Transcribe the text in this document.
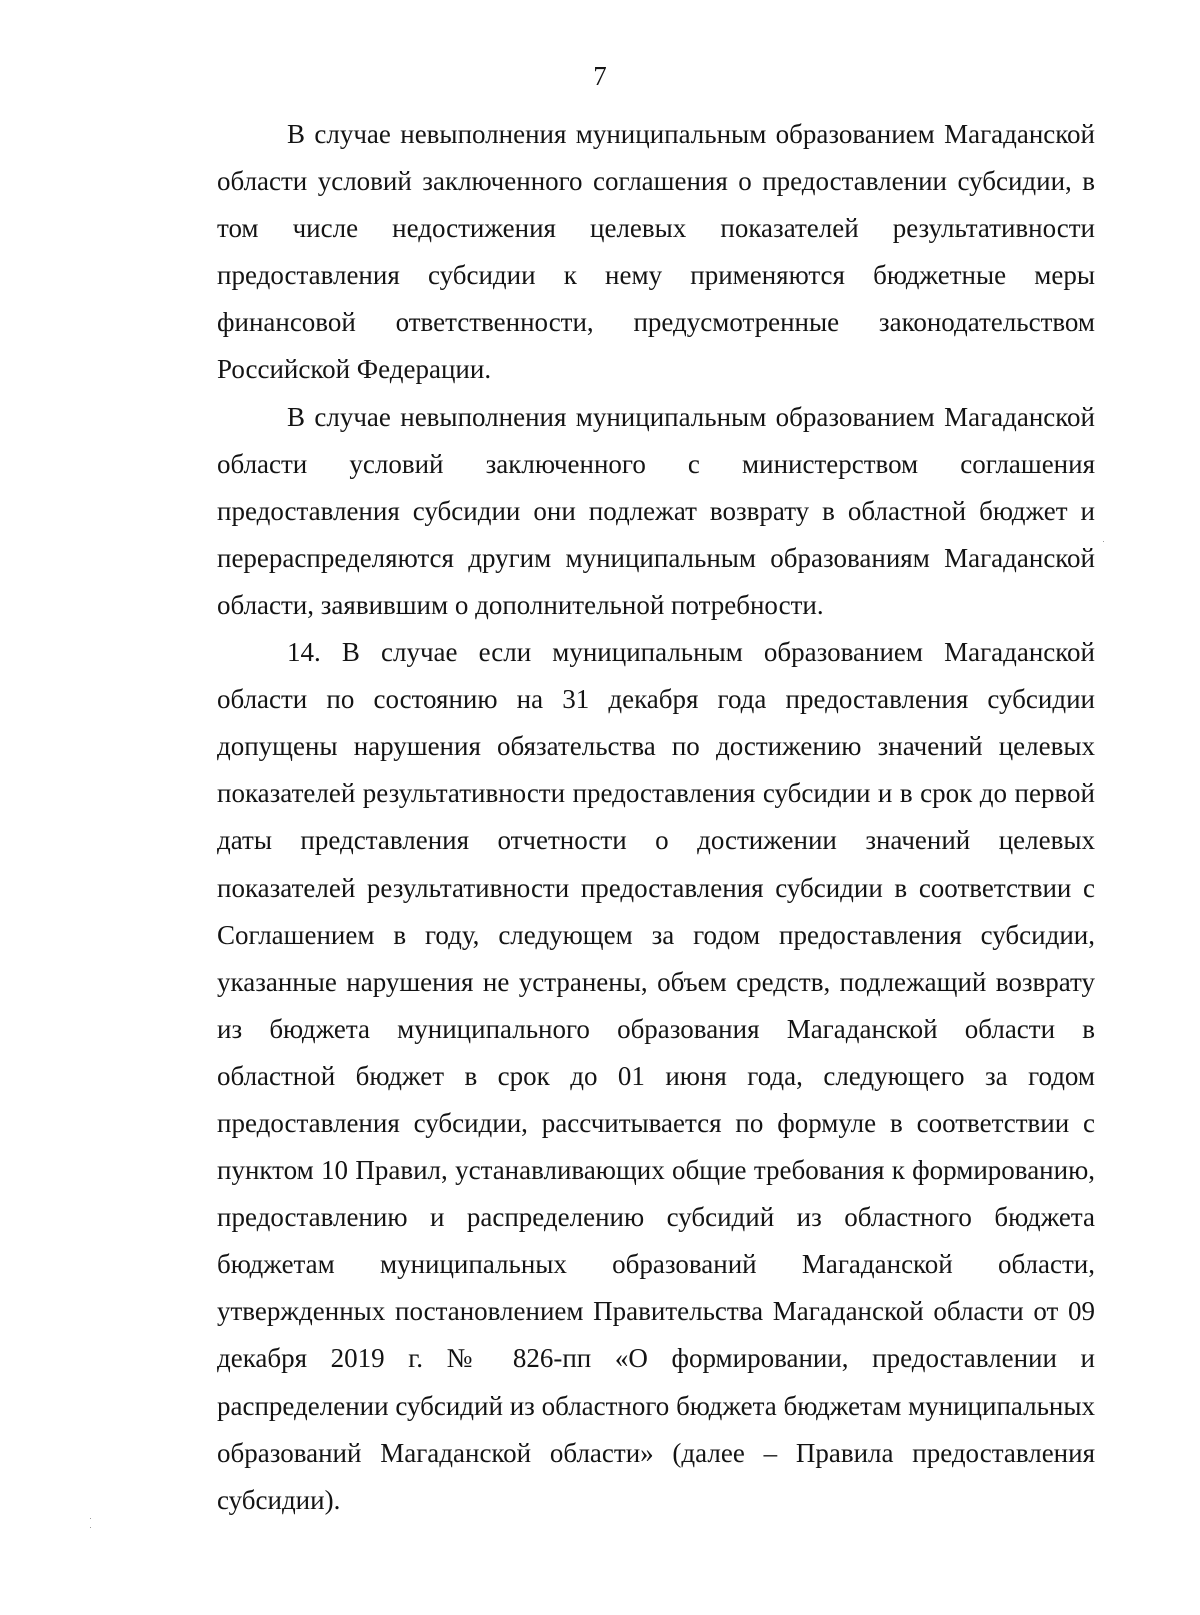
7

В случае невыполнения муниципальным образованием Магаданской области условий заключенного соглашения о предоставлении субсидии, в том числе недостижения целевых показателей результативности предоставления субсидии к нему применяются бюджетные меры финансовой ответственности, предусмотренные законодательством Российской Федерации.

В случае невыполнения муниципальным образованием Магаданской области условий заключенного с министерством соглашения предоставления субсидии они подлежат возврату в областной бюджет и перераспределяются другим муниципальным образованиям Магаданской области, заявившим о дополнительной потребности.

14. В случае если муниципальным образованием Магаданской области по состоянию на 31 декабря года предоставления субсидии допущены нарушения обязательства по достижению значений целевых показателей результативности предоставления субсидии и в срок до первой даты представления отчетности о достижении значений целевых показателей результативности предоставления субсидии в соответствии с Соглашением в году, следующем за годом предоставления субсидии, указанные нарушения не устранены, объем средств, подлежащий возврату из бюджета муниципального образования Магаданской области в областной бюджет в срок до 01 июня года, следующего за годом предоставления субсидии, рассчитывается по формуле в соответствии с пунктом 10 Правил, устанавливающих общие требования к формированию, предоставлению и распределению субсидий из областного бюджета бюджетам муниципальных образований Магаданской области, утвержденных постановлением Правительства Магаданской области от 09 декабря 2019 г. № 826-пп «О формировании, предоставлении и распределении субсидий из областного бюджета бюджетам муниципальных образований Магаданской области» (далее – Правила предоставления субсидии).
